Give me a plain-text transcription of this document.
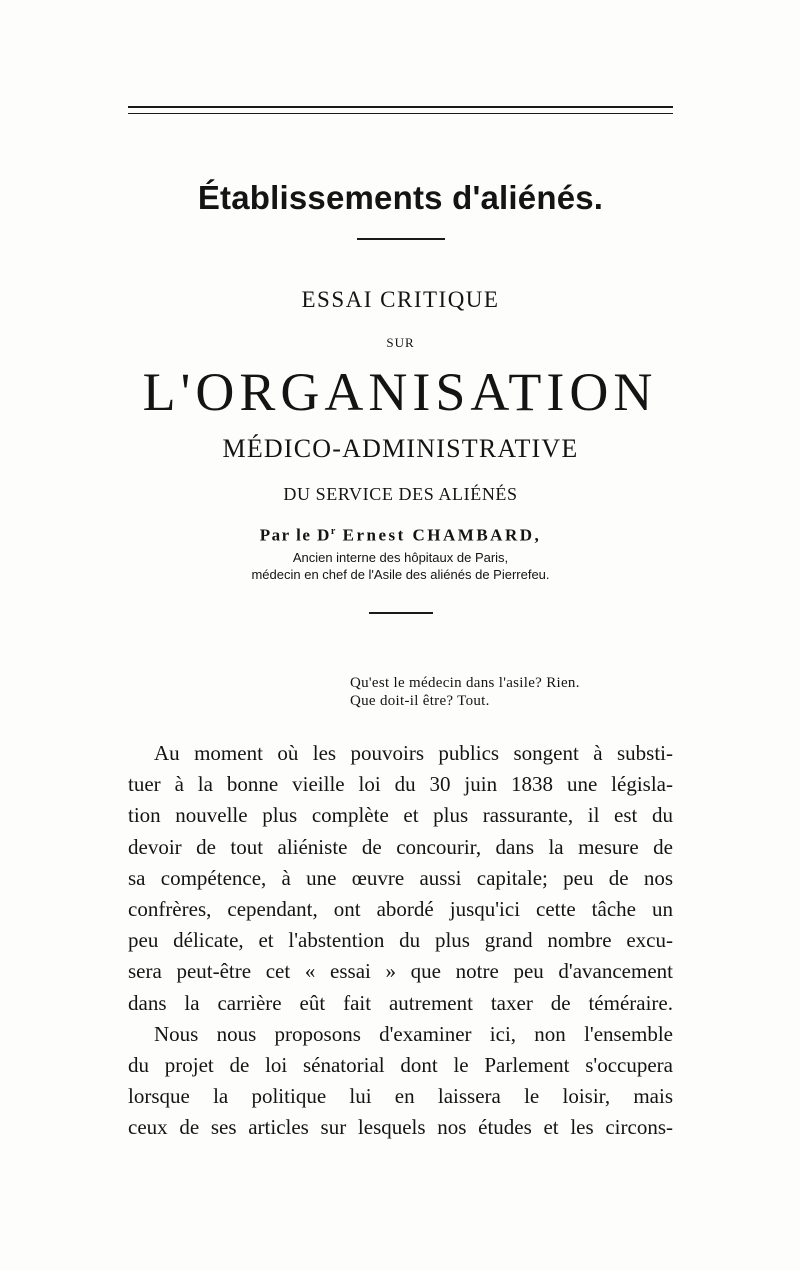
Établissements d'aliénés.
ESSAI CRITIQUE
SUR
L'ORGANISATION
MÉDICO-ADMINISTRATIVE
DU SERVICE DES ALIÉNÉS
Par le $D^r$ Ernest CHAMBARD,
Ancien interne des hôpitaux de Paris,
médecin en chef de l'Asile des aliénés de Pierrefeu.
Qu'est le médecin dans l'asile? Rien.
Que doit-il être? Tout.
Au moment où les pouvoirs publics songent à substi-
tuer à la bonne vieille loi du 30 juin 1838 une législa-
tion nouvelle plus complète et plus rassurante, il est du
devoir de tout aliéniste de concourir, dans la mesure de
sa compétence, à une œuvre aussi capitale; peu de nos
confrères, cependant, ont abordé jusqu'ici cette tâche un
peu délicate, et l'abstention du plus grand nombre excu-
sera peut-être cet « essai » que notre peu d'avancement
dans la carrière eût fait autrement taxer de téméraire.
Nous nous proposons d'examiner ici, non l'ensemble
du projet de loi sénatorial dont le Parlement s'occupera
lorsque la politique lui en laissera le loisir, mais
ceux de ses articles sur lesquels nos études et les circons-
